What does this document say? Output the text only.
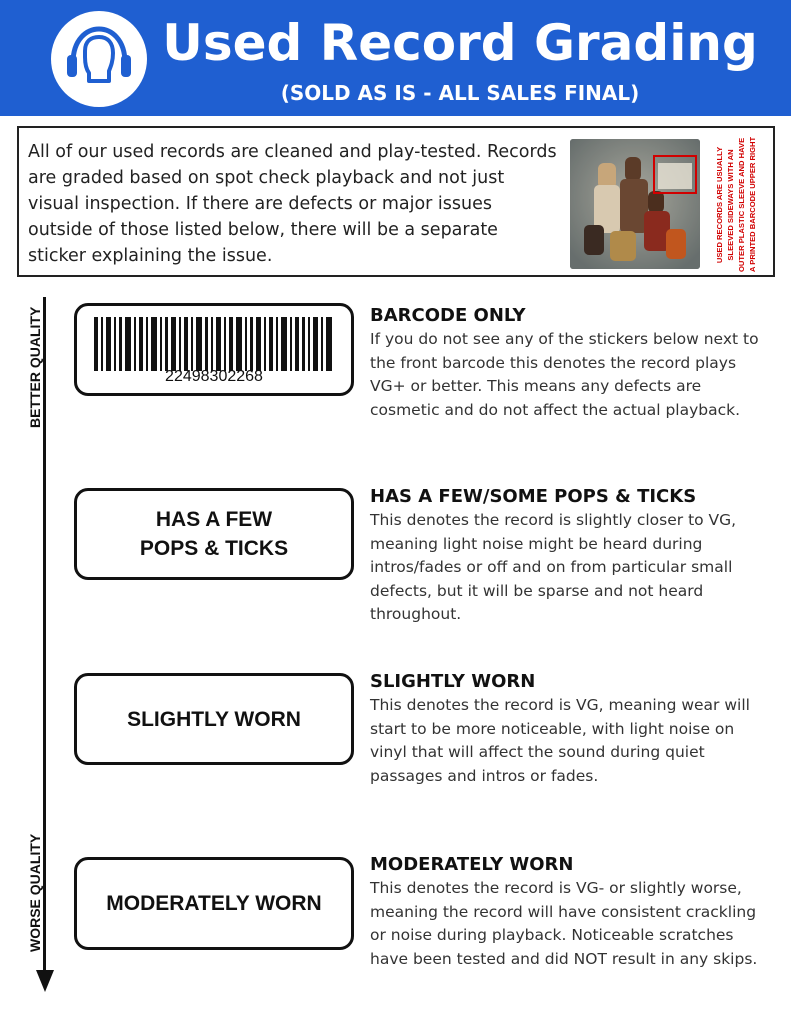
Used Record Grading
(SOLD AS IS - ALL SALES FINAL)
All of our used records are cleaned and play-tested. Records are graded based on spot check playback and not just visual inspection. If there are defects or major issues outside of those listed below, there will be a separate sticker explaining the issue.	USED RECORDS ARE USUALLY SLEEVED SIDEWAYS WITH AN OUTER PLASTIC SLEEVE AND HAVE A PRINTED BARCODE UPPER RIGHT
BETTER QUALITY
WORSE QUALITY
22498302268
BARCODE ONLY

If you do not see any of the stickers below next to the front barcode this denotes the record plays VG+ or better. This means any defects are cosmetic and do not affect the actual playback.

HAS A FEW
POPS & TICKS
HAS A FEW/SOME POPS & TICKS

This denotes the record is slightly closer to VG, meaning light noise might be heard during intros/fades or off and on from particular small defects, but it will be sparse and not heard throughout.

SLIGHTLY WORN
SLIGHTLY WORN

This denotes the record is VG, meaning wear will start to be more noticeable, with light noise on vinyl that will affect the sound during quiet passages and intros or fades.

MODERATELY WORN
MODERATELY WORN

This denotes the record is VG- or slightly worse, meaning the record will have consistent crackling or noise during playback. Noticeable scratches have been tested and did NOT result in any skips.
